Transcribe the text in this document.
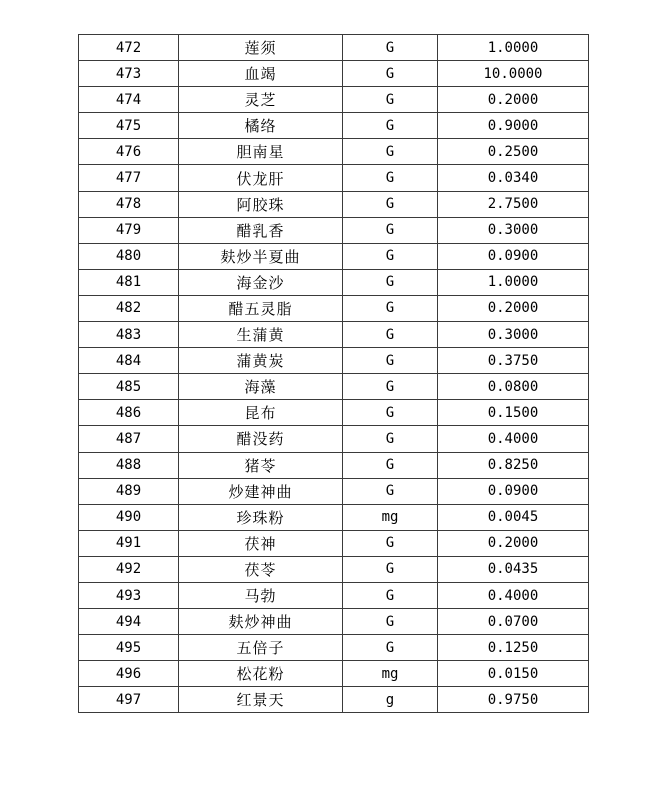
472	莲须	G	1.0000
473	血竭	G	10.0000
474	灵芝	G	0.2000
475	橘络	G	0.9000
476	胆南星	G	0.2500
477	伏龙肝	G	0.0340
478	阿胶珠	G	2.7500
479	醋乳香	G	0.3000
480	麸炒半夏曲	G	0.0900
481	海金沙	G	1.0000
482	醋五灵脂	G	0.2000
483	生蒲黄	G	0.3000
484	蒲黄炭	G	0.3750
485	海藻	G	0.0800
486	昆布	G	0.1500
487	醋没药	G	0.4000
488	猪苓	G	0.8250
489	炒建神曲	G	0.0900
490	珍珠粉	mg	0.0045
491	茯神	G	0.2000
492	茯苓	G	0.0435
493	马勃	G	0.4000
494	麸炒神曲	G	0.0700
495	五倍子	G	0.1250
496	松花粉	mg	0.0150
497	红景天	g	0.9750
